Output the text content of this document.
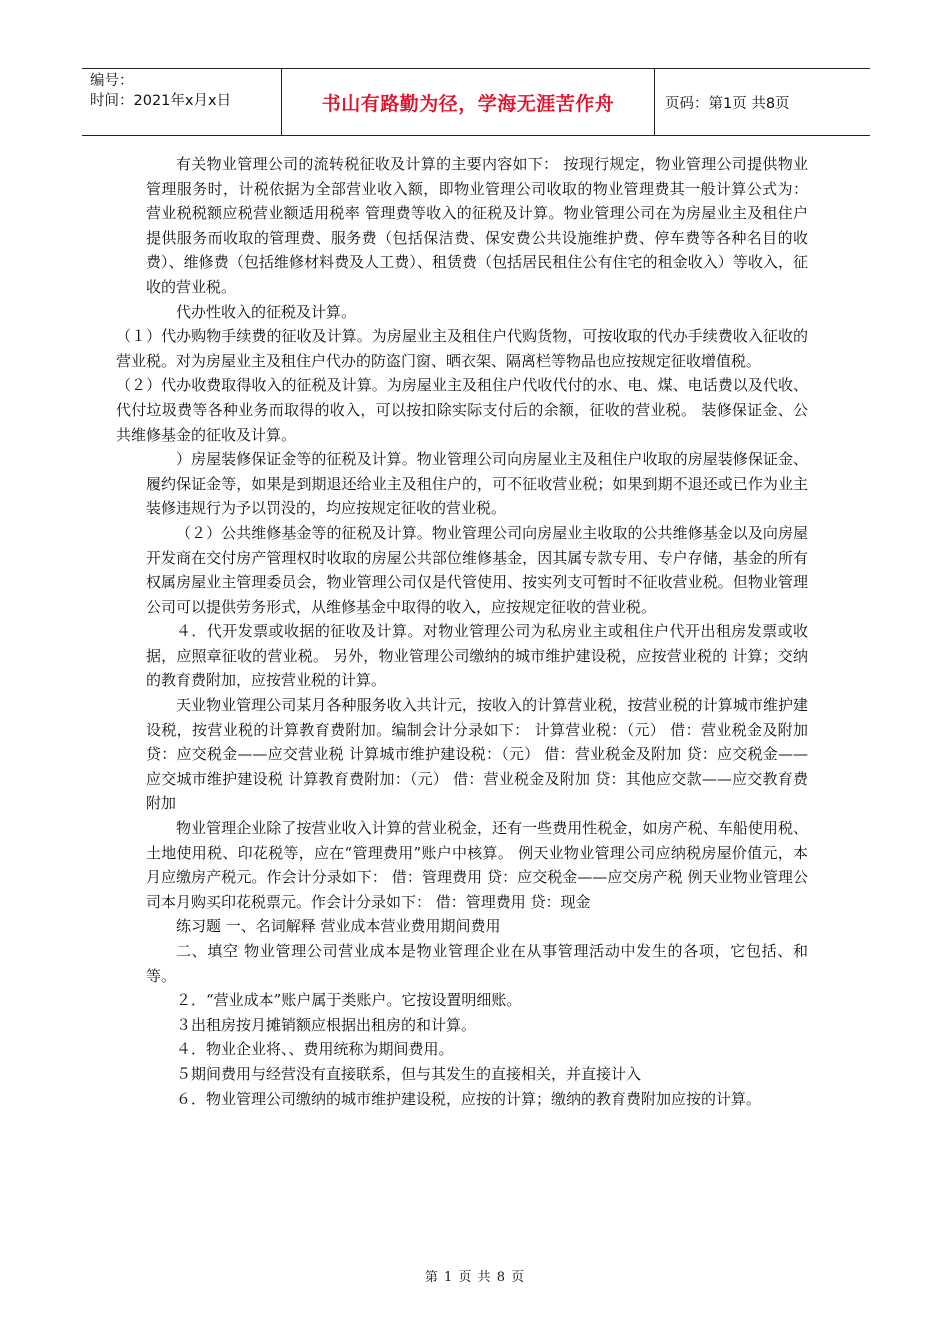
编号：
时间：2021年x月x日	书山有路勤为径，学海无涯苦作舟	页码：第1页 共8页

有关物业管理公司的流转税征收及计算的主要内容如下： 按现行规定，物业管理公司提供物业管理服务时，计税依据为全部营业收入额，即物业管理公司收取的物业管理费其一般计算公式为： 营业税税额应税营业额适用税率 管理费等收入的征税及计算。物业管理公司在为房屋业主及租住户提供服务而收取的管理费、服务费（包括保洁费、保安费公共设施维护费、停车费等各种名目的收费）、维修费（包括维修材料费及人工费）、租赁费（包括居民租住公有住宅的租金收入）等收入，征收的营业税。

代办性收入的征税及计算。

（１）代办购物手续费的征收及计算。为房屋业主及租住户代购货物，可按收取的代办手续费收入征收的营业税。对为房屋业主及租住户代办的防盗门窗、晒衣架、隔离栏等物品也应按规定征收增值税。

（２）代办收费取得收入的征税及计算。为房屋业主及租住户代收代付的水、电、煤、电话费以及代收、代付垃圾费等各种业务而取得的收入，可以按扣除实际支付后的余额，征收的营业税。 装修保证金、公共维修基金的征收及计算。

）房屋装修保证金等的征税及计算。物业管理公司向房屋业主及租住户收取的房屋装修保证金、履约保证金等，如果是到期退还给业主及租住户的，可不征收营业税；如果到期不退还或已作为业主装修违规行为予以罚没的，均应按规定征收的营业税。

（２）公共维修基金等的征税及计算。物业管理公司向房屋业主收取的公共维修基金以及向房屋开发商在交付房产管理权时收取的房屋公共部位维修基金，因其属专款专用、专户存储，基金的所有权属房屋业主管理委员会，物业管理公司仅是代管使用、按实列支可暂时不征收营业税。但物业管理公司可以提供劳务形式，从维修基金中取得的收入，应按规定征收的营业税。

４．代开发票或收据的征收及计算。对物业管理公司为私房业主或租住户代开出租房发票或收据，应照章征收的营业税。 另外，物业管理公司缴纳的城市维护建设税，应按营业税的 计算；交纳的教育费附加，应按营业税的计算。

天业物业管理公司某月各种服务收入共计元，按收入的计算营业税，按营业税的计算城市维护建设税，按营业税的计算教育费附加。编制会计分录如下： 计算营业税：（元） 借：营业税金及附加 贷：应交税金——应交营业税 计算城市维护建设税：（元） 借：营业税金及附加 贷：应交税金——应交城市维护建设税 计算教育费附加：（元） 借：营业税金及附加 贷：其他应交款——应交教育费附加

物业管理企业除了按营业收入计算的营业税金，还有一些费用性税金，如房产税、车船使用税、土地使用税、印花税等，应在“管理费用”账户中核算。 例天业物业管理公司应纳税房屋价值元，本月应缴房产税元。作会计分录如下： 借：管理费用 贷：应交税金——应交房产税 例天业物业管理公司本月购买印花税票元。作会计分录如下： 借：管理费用 贷：现金

练习题 一、名词解释 营业成本营业费用期间费用

二、填空 物业管理公司营业成本是物业管理企业在从事管理活动中发生的各项，它包括、和等。

２．“营业成本”账户属于类账户。它按设置明细账。

３出租房按月摊销额应根据出租房的和计算。

４．物业企业将、、费用统称为期间费用。

５期间费用与经营没有直接联系，但与其发生的直接相关，并直接计入

６．物业管理公司缴纳的城市维护建设税，应按的计算；缴纳的教育费附加应按的计算。

第 1 页 共 8 页
